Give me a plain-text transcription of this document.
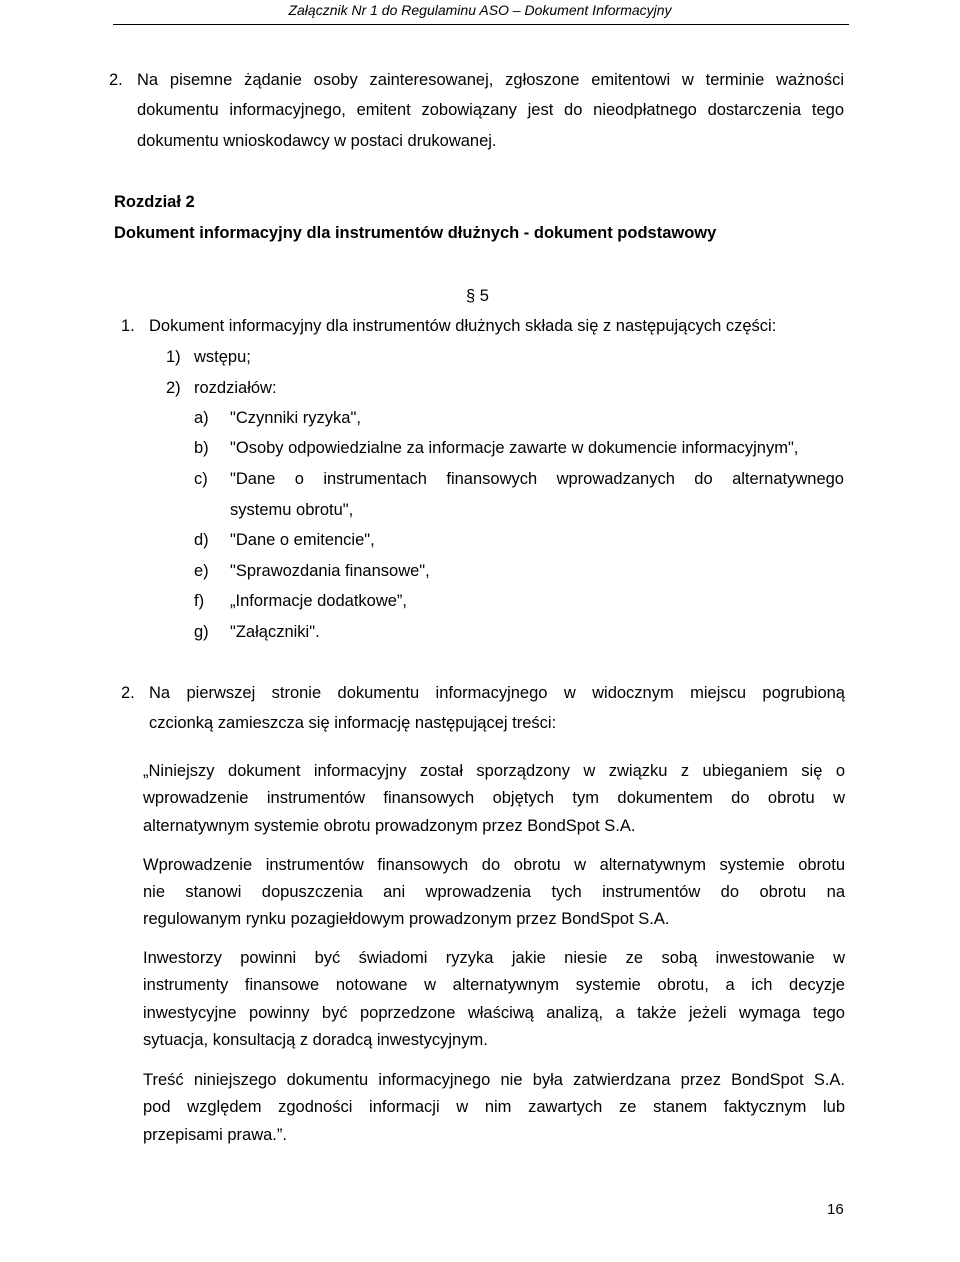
Załącznik Nr 1 do Regulaminu ASO – Dokument Informacyjny
2. Na pisemne żądanie osoby zainteresowanej, zgłoszone emitentowi w terminie ważności
dokumentu informacyjnego, emitent zobowiązany jest do nieodpłatnego dostarczenia tego
dokumentu wnioskodawcy w postaci drukowanej.
Rozdział 2
Dokument informacyjny dla instrumentów dłużnych - dokument podstawowy
§ 5
1. Dokument informacyjny dla instrumentów dłużnych składa się z następujących części:
1) wstępu;
2) rozdziałów:
a) "Czynniki ryzyka",
b) "Osoby odpowiedzialne za informacje zawarte w dokumencie informacyjnym",
c) "Dane o instrumentach finansowych wprowadzanych do alternatywnego
systemu obrotu",
d) "Dane o emitencie",
e) "Sprawozdania finansowe",
f) „Informacje dodatkowe”,
g) "Załączniki".
2. Na pierwszej stronie dokumentu informacyjnego w widocznym miejscu pogrubioną
czcionką zamieszcza się informację następującej treści:
„Niniejszy dokument informacyjny został sporządzony w związku z ubieganiem się o
wprowadzenie instrumentów finansowych objętych tym dokumentem do obrotu w
alternatywnym systemie obrotu prowadzonym przez BondSpot S.A.
Wprowadzenie instrumentów finansowych do obrotu w alternatywnym systemie obrotu
nie stanowi dopuszczenia ani wprowadzenia tych instrumentów do obrotu na
regulowanym rynku pozagiełdowym prowadzonym przez BondSpot S.A.
Inwestorzy powinni być świadomi ryzyka jakie niesie ze sobą inwestowanie w
instrumenty finansowe notowane w alternatywnym systemie obrotu, a ich decyzje
inwestycyjne powinny być poprzedzone właściwą analizą, a także jeżeli wymaga tego
sytuacja, konsultacją z doradcą inwestycyjnym.
Treść niniejszego dokumentu informacyjnego nie była zatwierdzana przez BondSpot S.A.
pod względem zgodności informacji w nim zawartych ze stanem faktycznym lub
przepisami prawa.”.
16
